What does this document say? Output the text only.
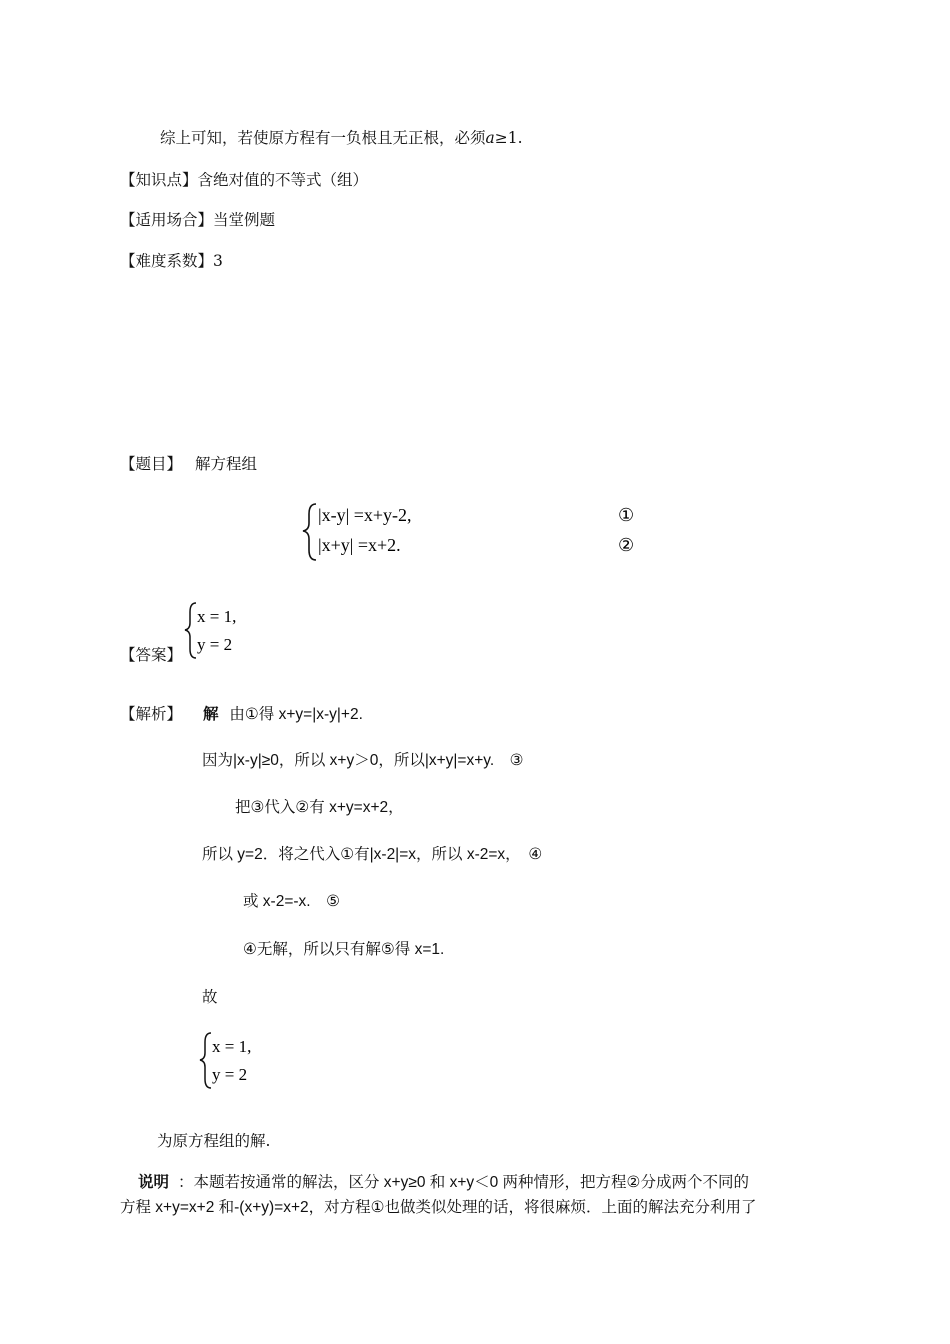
综上可知，若使原方程有一负根且无正根，必须a≥1.
【知识点】含绝对值的不等式（组）
【适用场合】当堂例题
【难度系数】3
【题目】 解方程组
|x-y| =x+y-2,	①
|x+y| =x+2.	②
【答案】
x = 1,
y = 2
【解析】 解 由①得 x+y=|x-y|+2.
因为|x-y|≥0，所以 x+y＞0，所以|x+y|=x+y.　③
把③代入②有 x+y=x+2，
所以 y=2．将之代入①有|x-2|=x，所以 x-2=x，　④
或 x-2=-x.　⑤
④无解，所以只有解⑤得 x=1.
故
x = 1,
y = 2
为原方程组的解.
说明 ：本题若按通常的解法，区分 x+y≥0 和 x+y＜0 两种情形，把方程②分成两个不同的
方程 x+y=x+2 和-(x+y)=x+2，对方程①也做类似处理的话，将很麻烦．上面的解法充分利用了
